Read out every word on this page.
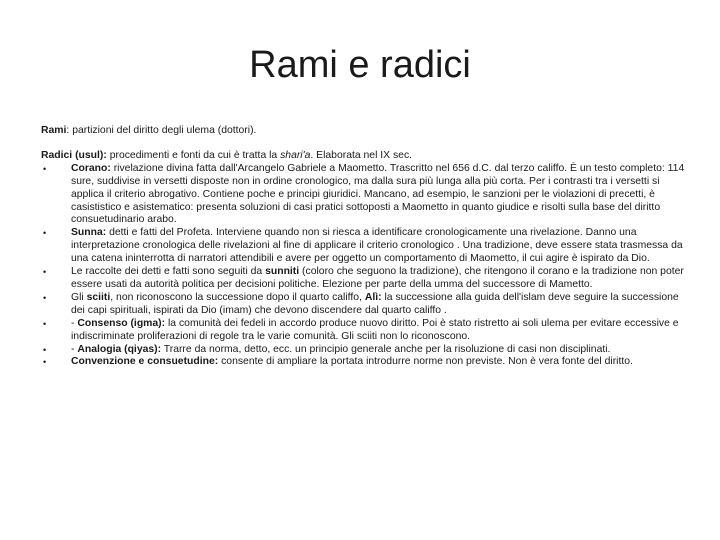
Rami e radici

Rami: partizioni del diritto degli ulema (dottori).

Radici (usul): procedimenti e fonti da cui è tratta la shari'a. Elaborata nel IX sec.

•	Corano: rivelazione divina fatta dall'Arcangelo Gabriele a Maometto. Trascritto nel 656 d.C. dal terzo califfo. È un testo completo: 114 sure, suddivise in versetti disposte non in ordine cronologico, ma dalla sura più lunga alla più corta. Per i contrasti tra i versetti si applica il criterio abrogativo. Contiene poche e principi giuridici. Mancano, ad esempio, le sanzioni per le violazioni di precetti, è casististico e asistematico: presenta soluzioni di casi pratici sottoposti a Maometto in quanto giudice e risolti sulla base del diritto consuetudinario arabo.
•	Sunna: detti e fatti del Profeta. Interviene quando non si riesca a identificare cronologicamente una rivelazione. Danno una interpretazione cronologica delle rivelazioni al fine di applicare il criterio cronologico . Una tradizione, deve essere stata trasmessa da una catena ininterrotta di narratori attendibili e avere per oggetto un comportamento di Maometto, il cui agire è ispirato da Dio.
•	Le raccolte dei detti e fatti sono seguiti da sunniti (coloro che seguono la tradizione), che ritengono il corano e la tradizione non poter essere usati da autorità politica per decisioni politiche. Elezione per parte della umma del successore di Mametto.
•	Gli sciiti, non riconoscono la successione dopo il quarto califfo, Alì: la successione alla guida dell'islam deve seguire la successione dei capi spirituali, ispirati da Dio (imam) che devono discendere dal quarto califfo .
•	- Consenso (igma): la comunità dei fedeli in accordo produce nuovo diritto. Poi è stato ristretto ai soli ulema per evitare eccessive e indiscriminate proliferazioni di regole tra le varie comunità. Gli sciiti non lo riconoscono.
•	- Analogia (qiyas): Trarre da norma, detto, ecc. un principio generale anche per la risoluzione di casi non disciplinati.
•	Convenzione e consuetudine: consente di ampliare la portata introdurre norme non previste. Non è vera fonte del diritto.
